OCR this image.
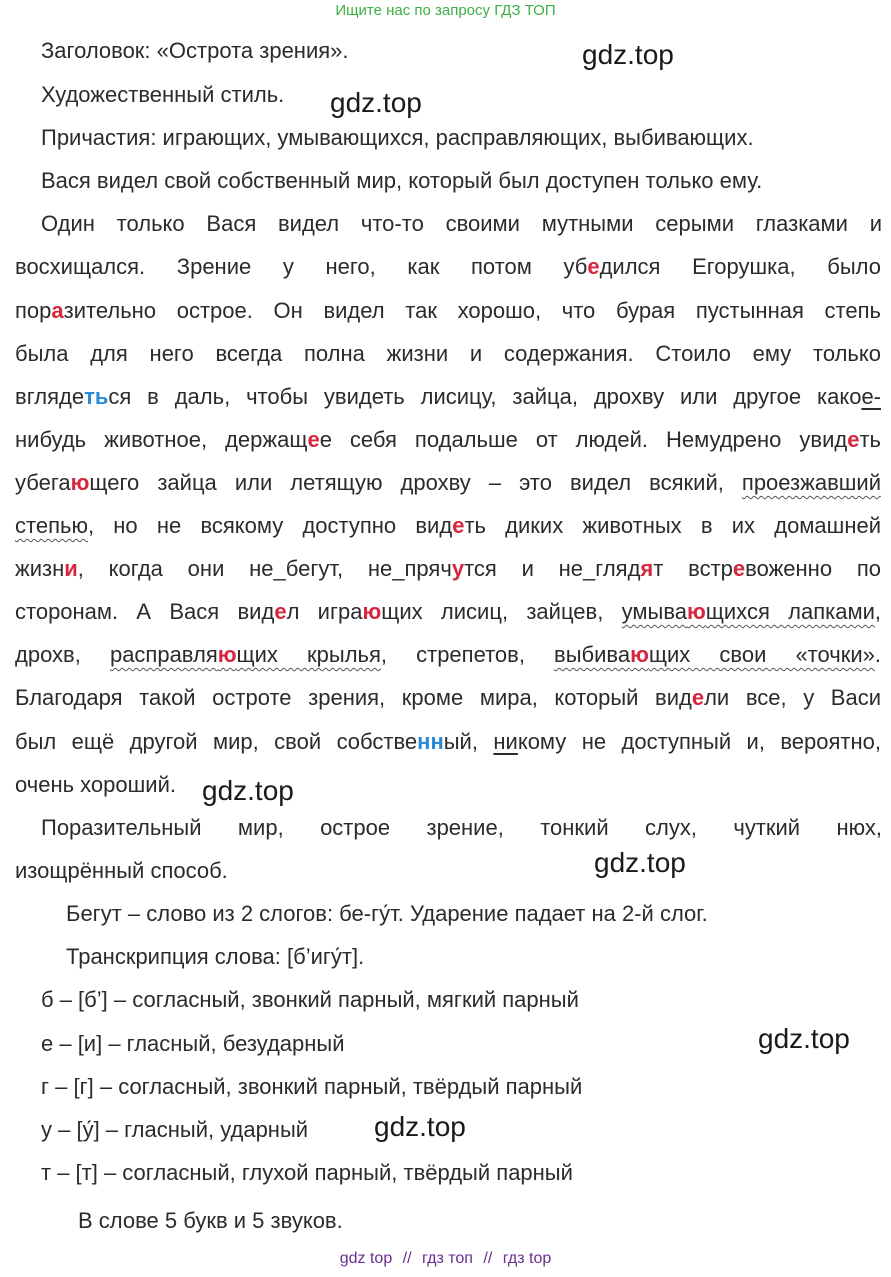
Ищите нас по запросу ГДЗ ТОП
gdz.top
gdz.top
gdz.top
gdz.top
gdz.top
gdz.top
Заголовок: «Острота зрения».
Художественный стиль.
Причастия: играющих, умывающихся, расправляющих, выбивающих.
Вася видел свой собственный мир, который был доступен только ему.
Один только Вася видел что-то своими мутными серыми глазками и
восхищался. Зрение у него, как потом убедился Егорушка, было
поразительно острое. Он видел так хорошо, что бурая пустынная степь
была для него всегда полна жизни и содержания. Стоило ему только
вглядeться в даль, чтобы увидеть лисицу, зайца, дрохву или другое какое-
нибудь животное, держащее себя подальше от людей. Немудрено увидеть
убегающего зайца или летящую дрохву – это видел всякий, проезжавший
степью, но не всякому доступно видеть диких животных в их домашней
жизни, когда они не_бегут, не_прячутся и не_глядят встревоженно по
сторонам. А Вася видел играющих лисиц, зайцев, умывающихся лапками,
дрохв, расправляющих крылья, стрепетов, выбивающих свои «точки».
Благодаря такой остроте зрения, кроме мира, который видели все, у Васи
был ещё другой мир, свой собственный, никому не доступный и, вероятно,
очень хороший.
Поразительный мир, острое зрение, тонкий слух, чуткий нюх,
изощрённый способ.
Бегут – слово из 2 слогов: бе-гу́т. Ударение падает на 2-й слог.
Транскрипция слова: [б’игу́т].
б – [б’] – согласный, звонкий парный, мягкий парный
е – [и] – гласный, безударный
г – [г] – согласный, звонкий парный, твёрдый парный
у – [у́] – гласный, ударный
т – [т] – согласный, глухой парный, твёрдый парный
В слове 5 букв и 5 звуков.
gdz top // гдз топ // гдз top
